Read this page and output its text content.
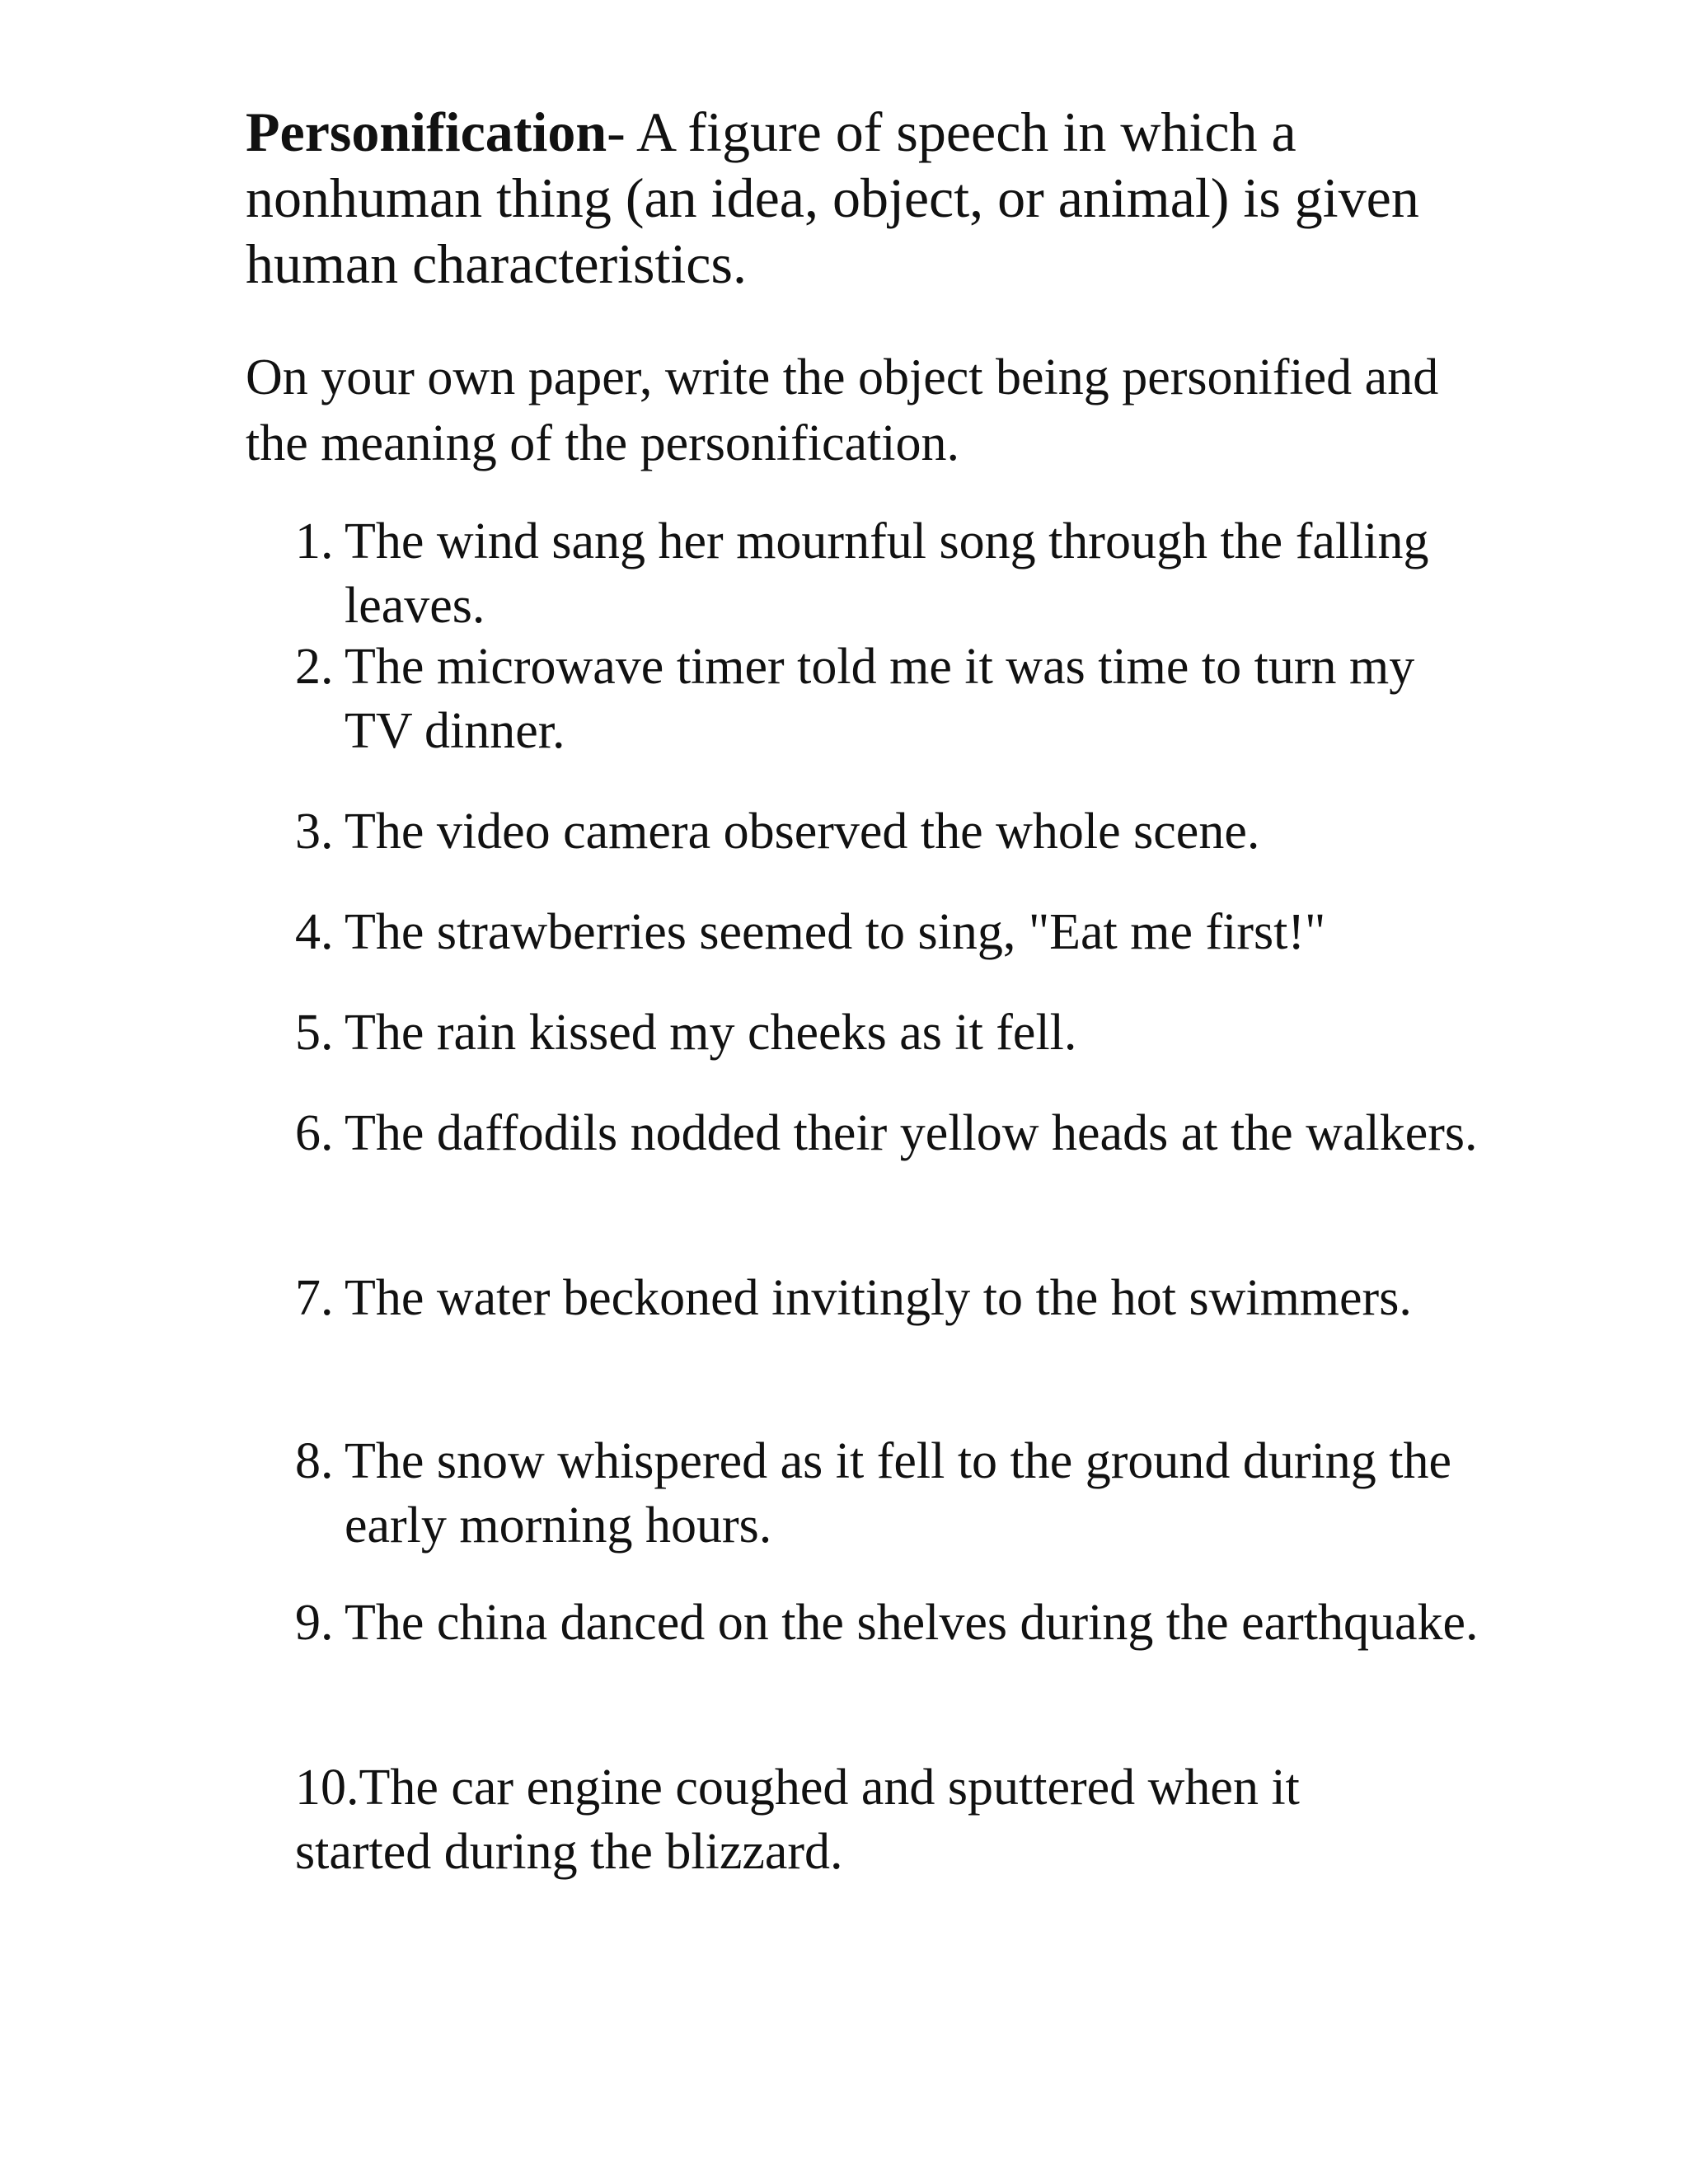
Personification- A figure of speech in which a nonhuman thing (an idea, object, or animal) is given human characteristics.

On your own paper, write the object being personified and the meaning of the personification.

1. The wind sang her mournful song through the falling leaves.
2. The microwave timer told me it was time to turn my TV dinner.
3. The video camera observed the whole scene.
4. The strawberries seemed to sing, "Eat me first!"
5. The rain kissed my cheeks as it fell.
6. The daffodils nodded their yellow heads at the walkers.
7. The water beckoned invitingly to the hot swimmers.
8. The snow whispered as it fell to the ground during the early morning hours.
9. The china danced on the shelves during the earthquake.
10.The car engine coughed and sputtered when it started during the blizzard.
